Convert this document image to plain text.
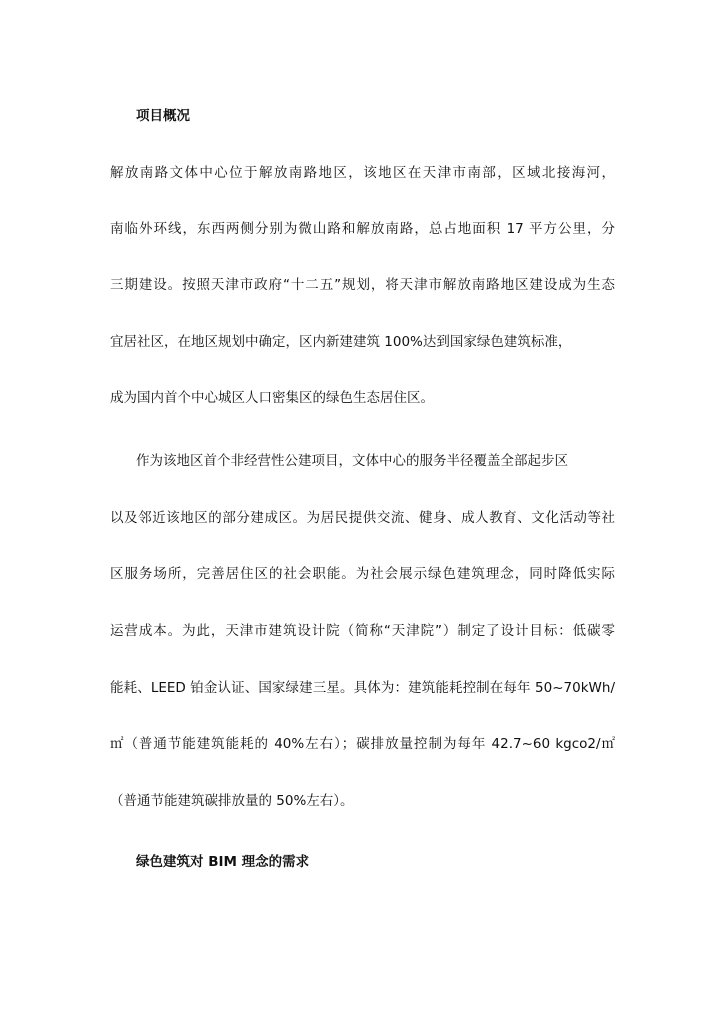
项目概况
解放南路文体中心位于解放南路地区，该地区在天津市南部，区域北接海河，
南临外环线，东西两侧分别为微山路和解放南路，总占地面积 17 平方公里，分
三期建设。按照天津市政府“十二五”规划，将天津市解放南路地区建设成为生态
宜居社区，在地区规划中确定，区内新建建筑 100%达到国家绿色建筑标准，
成为国内首个中心城区人口密集区的绿色生态居住区。
作为该地区首个非经营性公建项目，文体中心的服务半径覆盖全部起步区
以及邻近该地区的部分建成区。为居民提供交流、健身、成人教育、文化活动等社
区服务场所，完善居住区的社会职能。为社会展示绿色建筑理念，同时降低实际
运营成本。为此，天津市建筑设计院（简称“天津院”）制定了设计目标：低碳零
能耗、LEED 铂金认证、国家绿建三星。具体为：建筑能耗控制在每年 50~70kWh/
㎡（普通节能建筑能耗的 40%左右）；碳排放量控制为每年 42.7~60 kgco2/㎡
（普通节能建筑碳排放量的 50%左右）。
绿色建筑对 BIM 理念的需求
